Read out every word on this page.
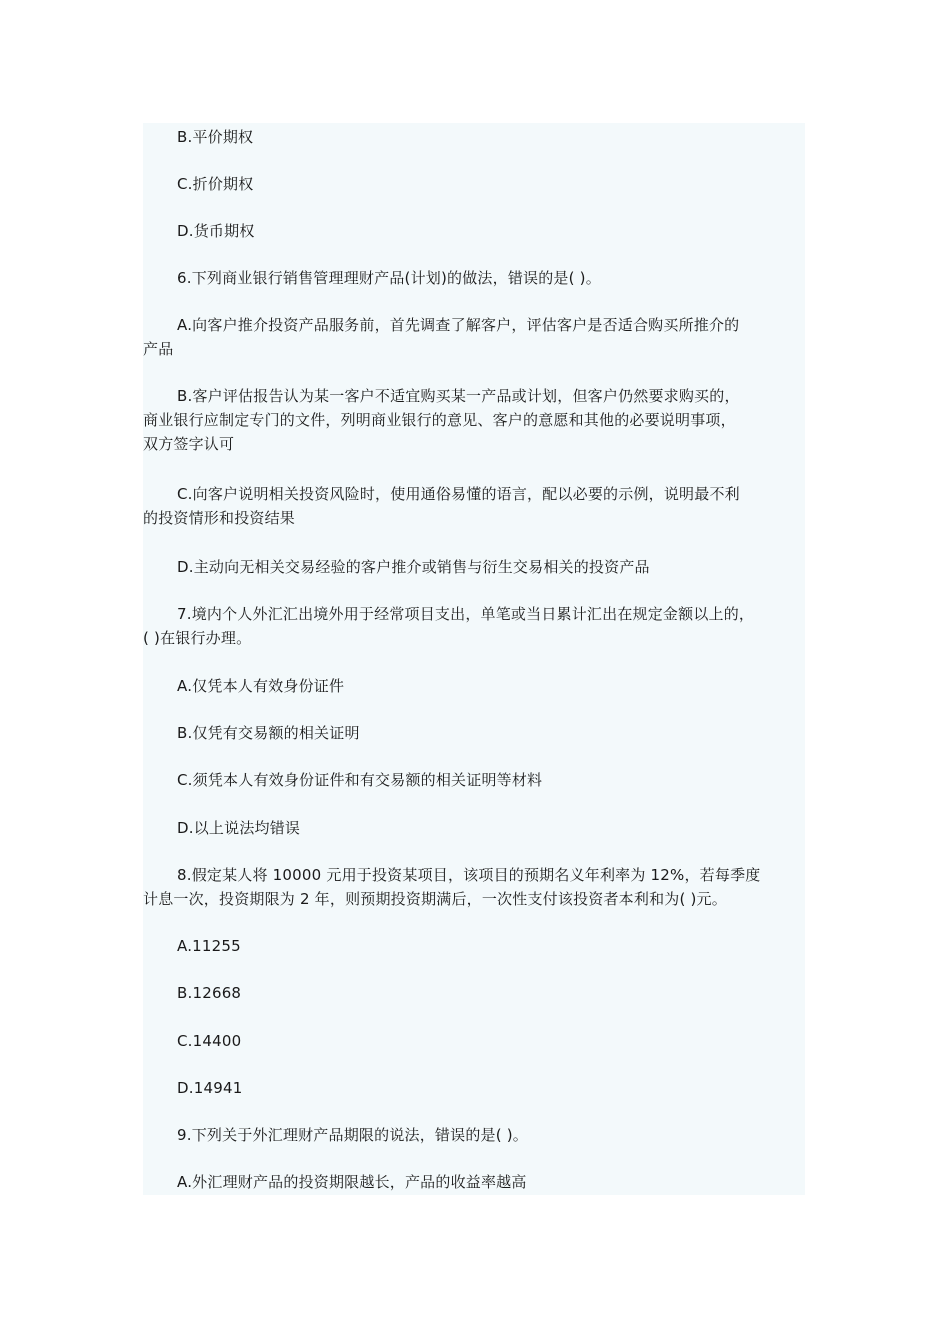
B.平价期权

C.折价期权

D.货币期权

6.下列商业银行销售管理理财产品(计划)的做法，错误的是( )。

A.向客户推介投资产品服务前，首先调查了解客户，评估客户是否适合购买所推介的
产品

B.客户评估报告认为某一客户不适宜购买某一产品或计划，但客户仍然要求购买的，
商业银行应制定专门的文件，列明商业银行的意见、客户的意愿和其他的必要说明事项，
双方签字认可

C.向客户说明相关投资风险时，使用通俗易懂的语言，配以必要的示例，说明最不利
的投资情形和投资结果

D.主动向无相关交易经验的客户推介或销售与衍生交易相关的投资产品

7.境内个人外汇汇出境外用于经常项目支出，单笔或当日累计汇出在规定金额以上的，
( )在银行办理。

A.仅凭本人有效身份证件

B.仅凭有交易额的相关证明

C.须凭本人有效身份证件和有交易额的相关证明等材料

D.以上说法均错误

8.假定某人将 10000 元用于投资某项目，该项目的预期名义年利率为 12%，若每季度
计息一次，投资期限为 2 年，则预期投资期满后，一次性支付该投资者本利和为( )元。

A.11255

B.12668

C.14400

D.14941

9.下列关于外汇理财产品期限的说法，错误的是( )。

A.外汇理财产品的投资期限越长，产品的收益率越高
